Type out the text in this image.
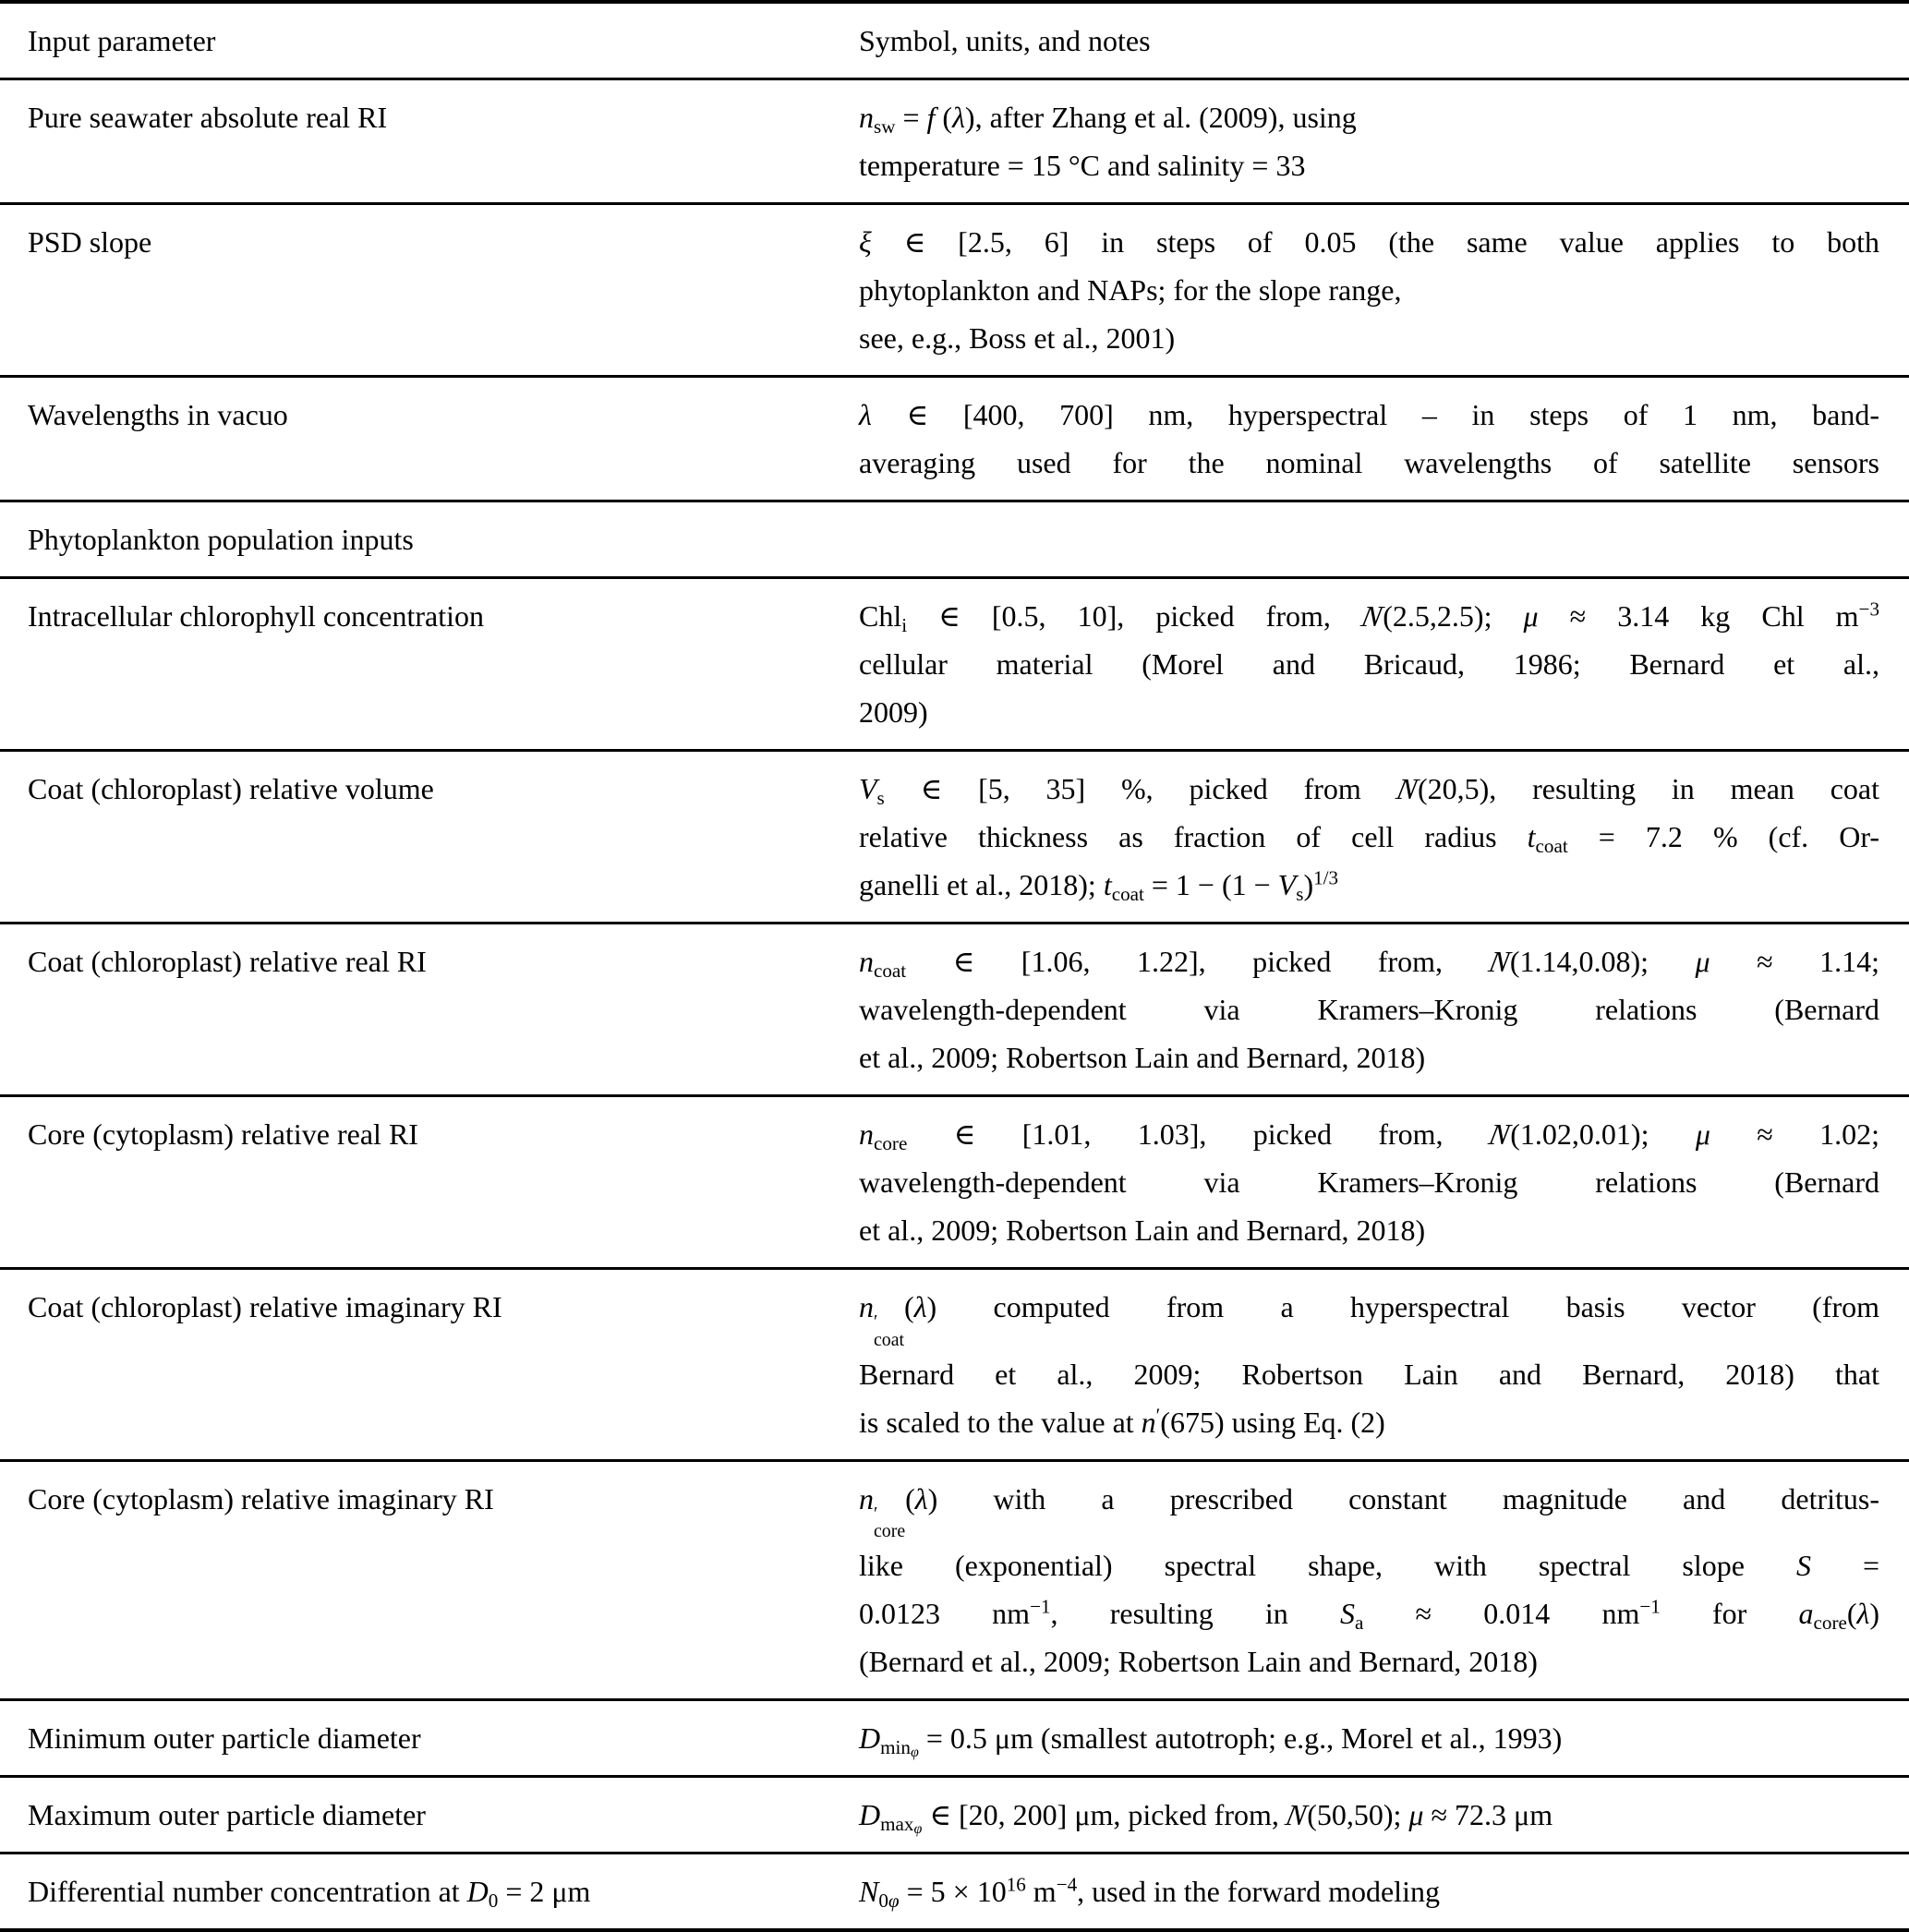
Input parameter	Symbol, units, and notes
Pure seawater absolute real RI	$n_{sw} = f$ (λ), after Zhang et al. (2009), using
temperature = 15 °C and salinity = 33
PSD slope	ξ ∈ [2.5, 6] in steps of 0.05 (the same value applies to both
phytoplankton and NAPs; for the slope range,
see, e.g., Boss et al., 2001)
Wavelengths in vacuo	λ ∈ [400, 700] nm, hyperspectral – in steps of 1 nm, band-
averaging used for the nominal wavelengths of satellite sensors
Phytoplankton population inputs
Intracellular chlorophyll concentration	Chl$_i$ ∈ [0.5, 10], picked from, N(2.5,2.5); μ ≈ 3.14 kg Chl $m^{-3}$
cellular material (Morel and Bricaud, 1986; Bernard et al.,
2009)
Coat (chloroplast) relative volume	$V_s$ ∈ [5, 35] %, picked from N(20,5), resulting in mean coat
relative thickness as fraction of cell radius $t_{coat} = 7.2$ % (cf. Or-
ganelli et al., 2018); $t_{coat} = 1 - (1 - V_s)^{1/3}$
Coat (chloroplast) relative real RI	$n_{coat}$ ∈ [1.06, 1.22], picked from, N(1.14,0.08); μ ≈ 1.14;
wavelength-dependent via Kramers–Kronig relations (Bernard
et al., 2009; Robertson Lain and Bernard, 2018)
Core (cytoplasm) relative real RI	$n_{core}$ ∈ [1.01, 1.03], picked from, N(1.02,0.01); μ ≈ 1.02;
wavelength-dependent via Kramers–Kronig relations (Bernard
et al., 2009; Robertson Lain and Bernard, 2018)
Coat (chloroplast) relative imaginary RI	n ′
coat
(λ) computed from a hyperspectral basis vector (from
Bernard et al., 2009; Robertson Lain and Bernard, 2018) that
is scaled to the value at n′(675) using Eq. (2)
Core (cytoplasm) relative imaginary RI	n ′
core
(λ) with a prescribed constant magnitude and detritus-
like (exponential) spectral shape, with spectral slope S =
0.0123 $nm^{-1}$, resulting in $S_a \approx 0.014$ $nm^{-1}$ for $a_{core}(\lambda)$
(Bernard et al., 2009; Robertson Lain and Bernard, 2018)
Minimum outer particle diameter	$D_{min\varphi} = 0.5$ μm (smallest autotroph; e.g., Morel et al., 1993)
Maximum outer particle diameter	$D_{max\varphi}$ ∈ [20, 200] μm, picked from, N(50,50); μ ≈ 72.3 μm
Differential number concentration at $D_0 = 2$ μm	$N_{0\varphi} = 5 \times 10^{16}$ $m^{-4}$, used in the forward modeling
